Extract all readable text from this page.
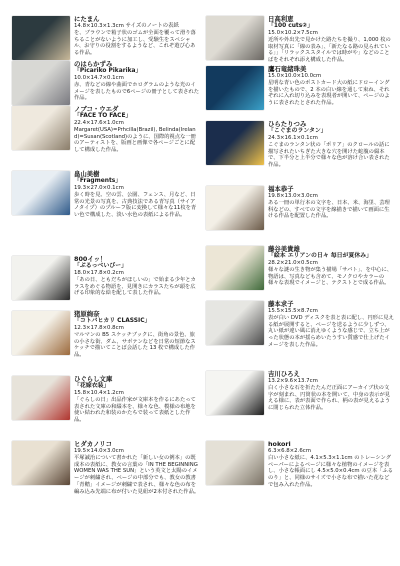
にたまん
14.8×10.3×1.3cm サイズのノートの表紙
を、ブラウンで箱子状のゴムが全面を覆って滑り落ちることがないように加工し、受験生をスペシャル、お守りの役割をするようなど、これぞ遊び心ある作品。
のはらかずみ
「Picariko Pikarika」
10.0×14.7×0.1cm
赤、青などの線や曲面でホログラムのような光のイメージを表したもので6ページの冊子として表された作品。
ノブコ・ウエダ
「FACE TO FACE」
22.4×17.6×1.0cm
Margaret(USA)=Prhcilla(Brazil), Belinda(Ireland)=Susan(Scotland)のように、国際的視点な一冊のアーティストを、版画と画像で各ページごとに配して構成した作品。
畠山美樹
「Fragments」
19.3×27.0×0.1cm
歩く時を見、空の雲、公園、フェンス、月など、日常の光景の写真を、古典技法である青写真（サイアノタイプ）のプルーフ版に変換して様々な11枚を青い色で構成した、淡い水色の表紙による作品。
800イッ！
「ぶるっべいびー」
18.0×17.8×0.2cm
「あの日、ともだちがほしいの」で始まる少年とカラスをめぐる物語を、見開きにカラスたちが頭を広げる印象的な絵を配して表した作品。
猪原絢奈
「コトバヒカリ CLASSIC」
12.3×17.8×0.8cm
マルマンの B5 スケッチブックに、街角の景色、旅の小さな街、ダム、サボテンなどを日常の短節なスケッチで描いてことば会話した 13 枚で構成した作品。
ひぐらし文庫
「花嫁衣装」
15.8×10.4×1.2cm
「ぐらしの日」出品作家が文庫本を作るにあたって表された文庫の和綴本を、様々な色、模様の布地を使い結われた和装のかたちで装って表紙とした作品。
ヒダカノリコ
19.5×14.0×3.0cm
平塚誠治について書かれた「新しい女の例本」の既成本の表紙に、教女の言葉の「IN THE BEGINNING WOMEN WAS THE SUN」という英文と太陽のイメージが刺繍され、ページの中部分でも、教女の教書「青鞜」イメージが刺繍で表され、様々な色の布を編み込み先端に布が付いた見紐が2本付された作品。
日高利恵
「100 cuts②」
15.0×10.2×7.5cm
近所や外出先で見かけた路たちを撮り、1,000 枚の取材写真に「線の表み」、「新たなる路の見られている」」「リラックススタイルでは時がや」などのことばをそれぞれ添え構成した作品。
鷹石竜緒珠美
15.0×10.0×10.0cm
星明な青い色のポストカード大の紙にドローイングを描いたもので、2 本の白い線を通して束ね、それぞれに入れ切り込みを表現者が開いて、ページのように表されたとされた作品。
ひらたりつみ
「こぐまのランタン」
24.3×16.1×0.1cm
こぐまのランタン状の「ポリア」のクロールの話に描写されたいちぎた大きな穴を開けた蛇腹の綴本で、下半分と上半分で様々な色が溶け合い表された作品。
福本恭子
19.8×13.0×3.0cm
ある一冊の単行本の文字を、日本、米、海里、芸理科などの、すべての文字を線描きで描いて画面に生ける作品を配置した作品。
藤谷美貴雄
「絵本 エリアンの日々 毎日が夏休み」
28.2×21.0×0.5cm
様々な謎の生き物が集う描場「サバト」、を中心に、物語は、写真なども含めて、モノクロやカラーの様々な表現でイメージと、テクストとで成る作品。
藤本求子
15.5×15.5×8.7cm
表が白い DVD ディスクを表と表に配し、円形に見える紙が展開すると、ページを送るように少しずつ、丸い紙が違い風に消えゆくような感じで、立ち上がった状態の本が揺らめいたうすい質感で仕上げたイメージを表した作品。
吉川ひろえ
13.2×9.6×13.7cm
白く小さな石を折たたんだ正面にアーカイブ状の文字が刻まれ、円筒状の本を開いて、中身の表示が見える様に、表が表面で作られ、柄の表が見えるように閉じられた立体作品。
hokori
6.3×6.8×2.6cm
白い小さな紙に、4.1×5.3×1.1cm のトレーシングペーパーによるページに様々な植物のイメージを表し、小さな帳面にし 4.5×5.0×0.4cm の豆本「ふるのり」と、同様のサイズで小さな布で描いた花などで包み入れた作品。
